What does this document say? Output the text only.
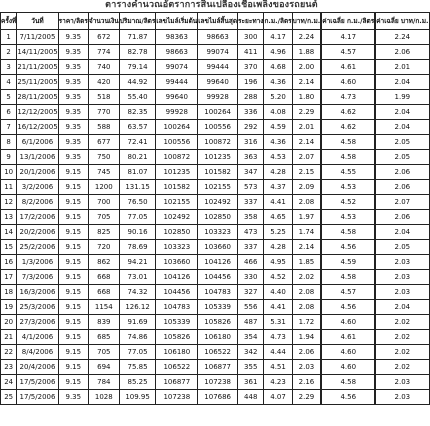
ตารางคำนวณอัตราการสิ้นเปลืองเชื้อเพลิงของรถยนต์
ครั้งที่	วันที่	ราคา/ลิตร	จำนวนเงิน	ปริมาณ/ลิตร	เลขไมล์เริ่มต้น	เลขไมล์สิ้นสุด	ระยะทาง	ก.ม./ลิตร	บาท/ก.ม.		ค่าเฉลี่ย ก.ม./ลิตร		ค่าเฉลี่ย บาท/ก.ม.
1	7/11/2005	9.35	672	71.87	98363	98663	300	4.17	2.24		4.17		2.24
2	14/11/2005	9.35	774	82.78	98663	99074	411	4.96	1.88		4.57		2.06
3	21/11/2005	9.35	740	79.14	99074	99444	370	4.68	2.00		4.61		2.01
4	25/11/2005	9.35	420	44.92	99444	99640	196	4.36	2.14		4.60		2.04
5	28/11/2005	9.35	518	55.40	99640	99928	288	5.20	1.80		4.73		1.99
6	12/12/2005	9.35	770	82.35	99928	100264	336	4.08	2.29		4.62		2.04
7	16/12/2005	9.35	588	63.57	100264	100556	292	4.59	2.01		4.62		2.04
8	6/1/2006	9.35	677	72.41	100556	100872	316	4.36	2.14		4.58		2.05
9	13/1/2006	9.35	750	80.21	100872	101235	363	4.53	2.07		4.58		2.05
10	20/1/2006	9.15	745	81.07	101235	101582	347	4.28	2.15		4.55		2.06
11	3/2/2006	9.15	1200	131.15	101582	102155	573	4.37	2.09		4.53		2.06
12	8/2/2006	9.15	700	76.50	102155	102492	337	4.41	2.08		4.52		2.07
13	17/2/2006	9.15	705	77.05	102492	102850	358	4.65	1.97		4.53		2.06
14	20/2/2006	9.15	825	90.16	102850	103323	473	5.25	1.74		4.58		2.04
15	25/2/2006	9.15	720	78.69	103323	103660	337	4.28	2.14		4.56		2.05
16	1/3/2006	9.15	862	94.21	103660	104126	466	4.95	1.85		4.59		2.03
17	7/3/2006	9.15	668	73.01	104126	104456	330	4.52	2.02		4.58		2.03
18	16/3/2006	9.15	668	74.32	104456	104783	327	4.40	2.08		4.57		2.03
19	25/3/2006	9.15	1154	126.12	104783	105339	556	4.41	2.08		4.56		2.04
20	27/3/2006	9.15	839	91.69	105339	105826	487	5.31	1.72		4.60		2.02
21	4/1/2006	9.15	685	74.86	105826	106180	354	4.73	1.94		4.61		2.02
22	8/4/2006	9.15	705	77.05	106180	106522	342	4.44	2.06		4.60		2.02
23	20/4/2006	9.15	694	75.85	106522	106877	355	4.51	2.03		4.60		2.02
24	17/5/2006	9.15	784	85.25	106877	107238	361	4.23	2.16		4.58		2.03
25	17/5/2006	9.35	1028	109.95	107238	107686	448	4.07	2.29		4.56		2.03
